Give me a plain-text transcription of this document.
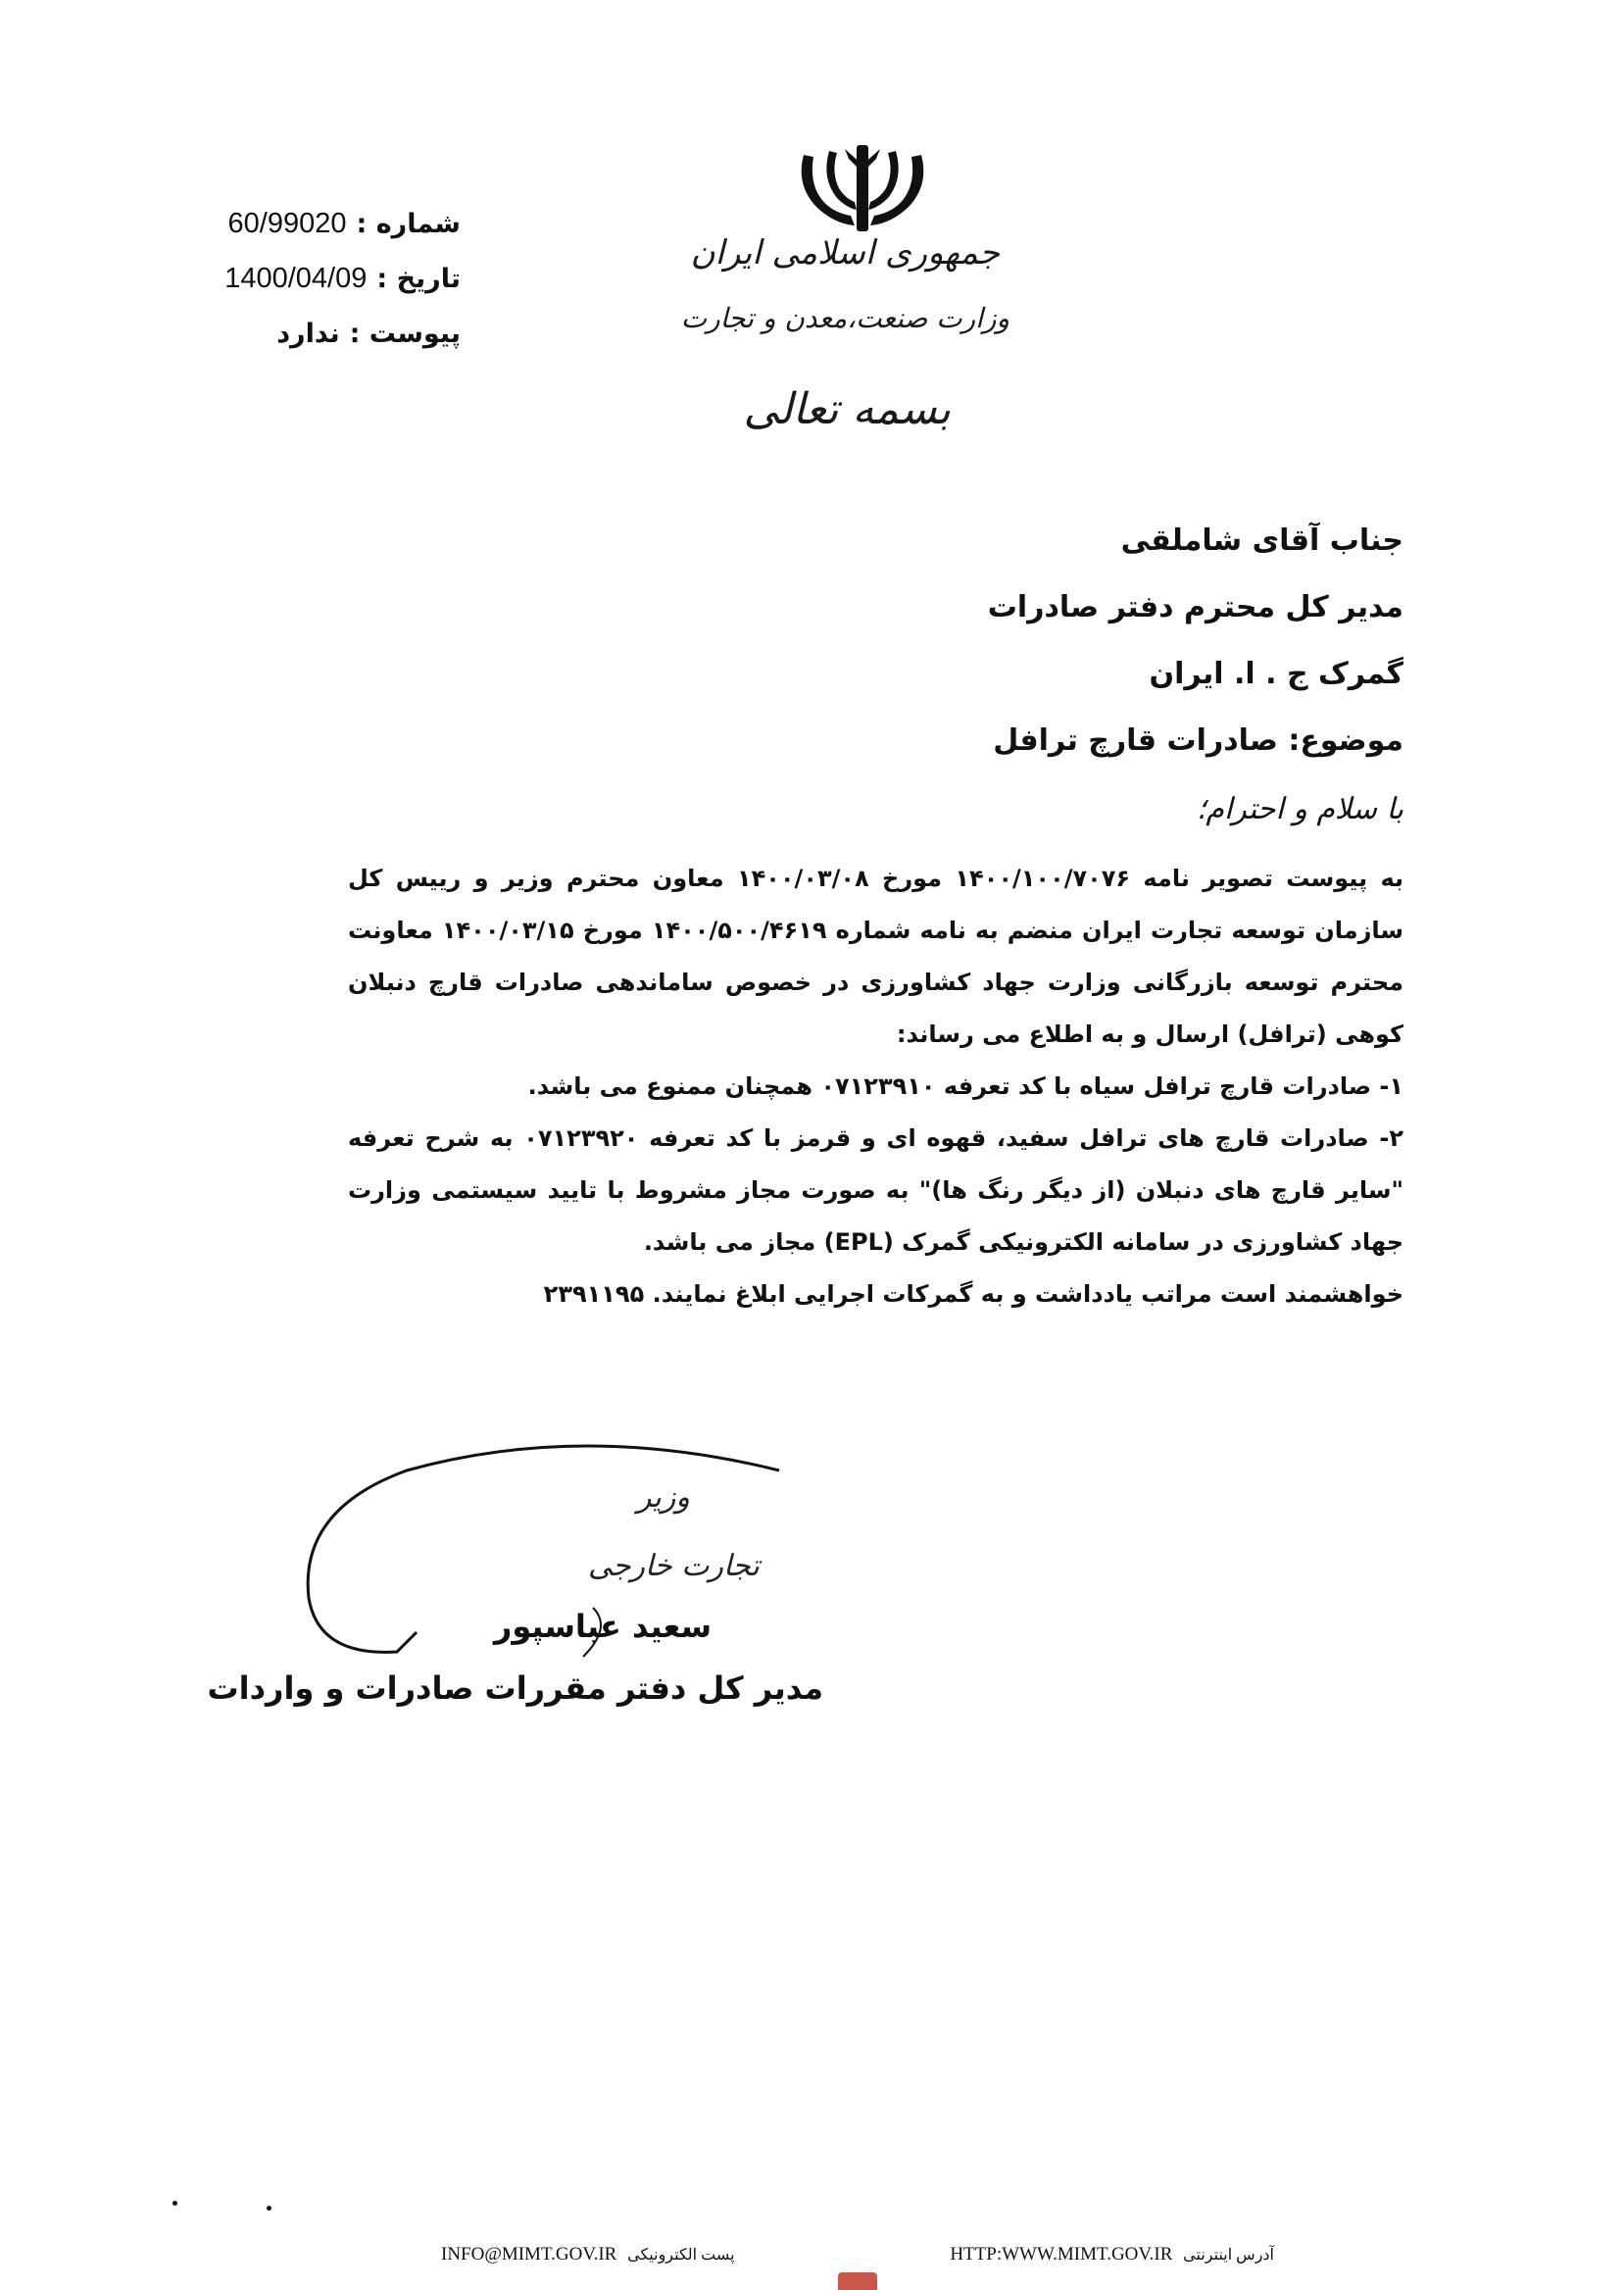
جمهوری اسلامی ایران
وزارت صنعت،معدن و تجارت
بسمه تعالی
شماره :
60/99020
تاریخ :
1400/04/09
پیوست :
ندارد
جناب آقای شاملقی
مدیر کل محترم دفتر صادرات
گمرک ج . ا. ایران
موضوع: صادرات قارچ ترافل
با سلام و احترام؛

به پیوست تصویر نامه ۱۴۰۰/۱۰۰/۷۰۷۶ مورخ ۱۴۰۰/۰۳/۰۸ معاون محترم وزیر و رییس کل سازمان توسعه تجارت ایران منضم به نامه شماره ۱۴۰۰/۵۰۰/۴۶۱۹ مورخ ۱۴۰۰/۰۳/۱۵ معاونت محترم توسعه بازرگانی وزارت جهاد کشاورزی در خصوص ساماندهی صادرات قارچ دنبلان کوهی (ترافل) ارسال و به اطلاع می رساند:

۱- صادرات قارچ ترافل سیاه با کد تعرفه ۰۷۱۲۳۹۱۰ همچنان ممنوع می باشد.

۲- صادرات قارچ های ترافل سفید، قهوه ای و قرمز با کد تعرفه ۰۷۱۲۳۹۲۰ به شرح تعرفه "سایر قارچ های دنبلان (از دیگر رنگ ها)" به صورت مجاز مشروط با تایید سیستمی وزارت جهاد کشاورزی در سامانه الکترونیکی گمرک (EPL) مجاز می باشد.

خواهشمند است مراتب یادداشت و به گمرکات اجرایی ابلاغ نمایند. ۲۳۹۱۱۹۵

وزیر
تجارت خارجی
سعید عباسپور
مدیر کل دفتر مقررات صادرات و واردات
INFO@MIMT.GOV.IR پست الکترونیکی	HTTP:WWW.MIMT.GOV.IR آدرس اینترنتی
